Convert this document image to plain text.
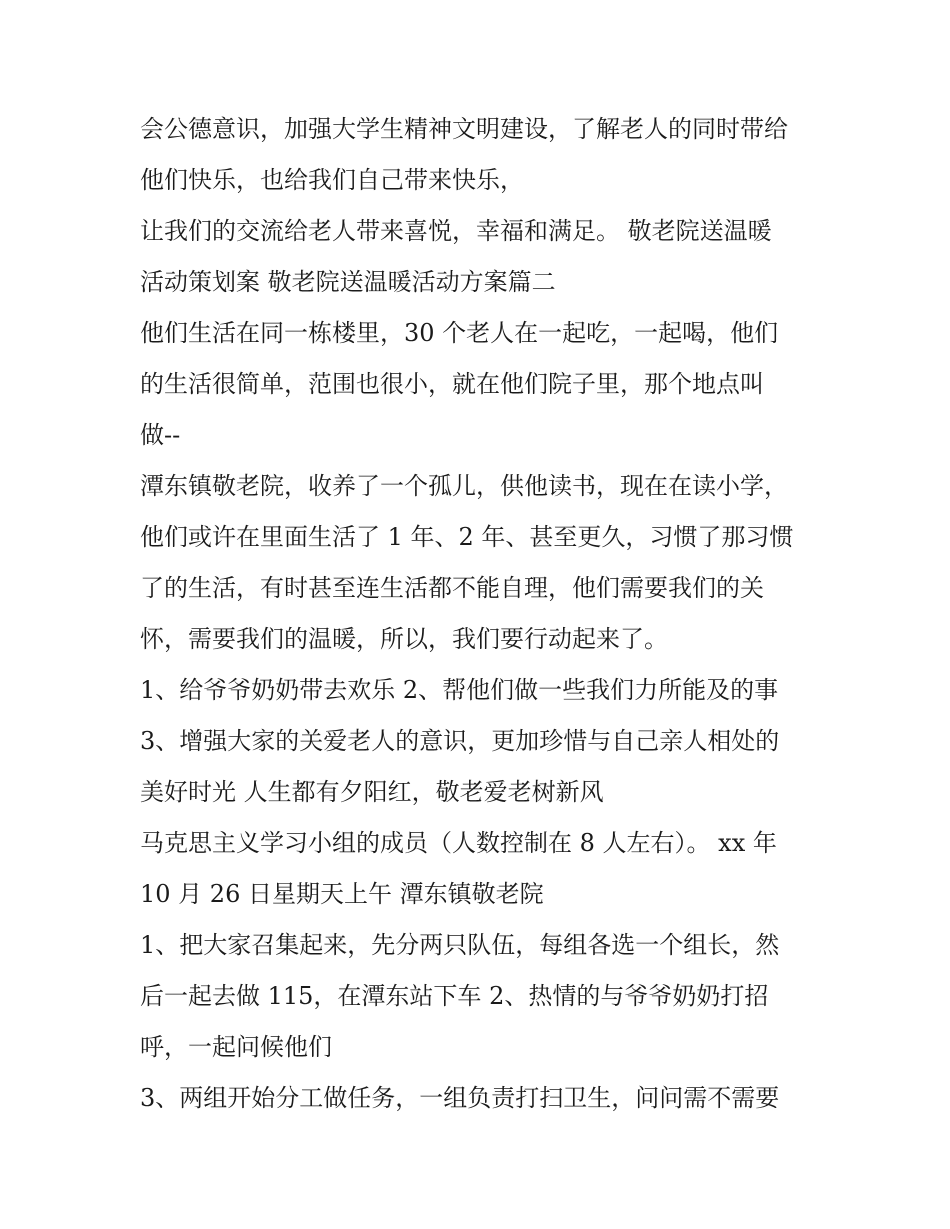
会公德意识，加强大学生精神文明建设，了解老人的同时带给
他们快乐，也给我们自己带来快乐，
让我们的交流给老人带来喜悦，幸福和满足。 敬老院送温暖
活动策划案 敬老院送温暖活动方案篇二
他们生活在同一栋楼里，30 个老人在一起吃，一起喝，他们
的生活很简单，范围也很小，就在他们院子里，那个地点叫
做--
潭东镇敬老院，收养了一个孤儿，供他读书，现在在读小学，
他们或许在里面生活了 1 年、2 年、甚至更久，习惯了那习惯
了的生活，有时甚至连生活都不能自理，他们需要我们的关
怀，需要我们的温暖，所以，我们要行动起来了。
1、给爷爷奶奶带去欢乐 2、帮他们做一些我们力所能及的事
3、增强大家的关爱老人的意识，更加珍惜与自己亲人相处的
美好时光 人生都有夕阳红，敬老爱老树新风
马克思主义学习小组的成员（人数控制在 8 人左右）。 xx 年
10 月 26 日星期天上午 潭东镇敬老院
1、把大家召集起来，先分两只队伍，每组各选一个组长，然
后一起去做 115，在潭东站下车 2、热情的与爷爷奶奶打招
呼，一起问候他们
3、两组开始分工做任务，一组负责打扫卫生，问问需不需要
